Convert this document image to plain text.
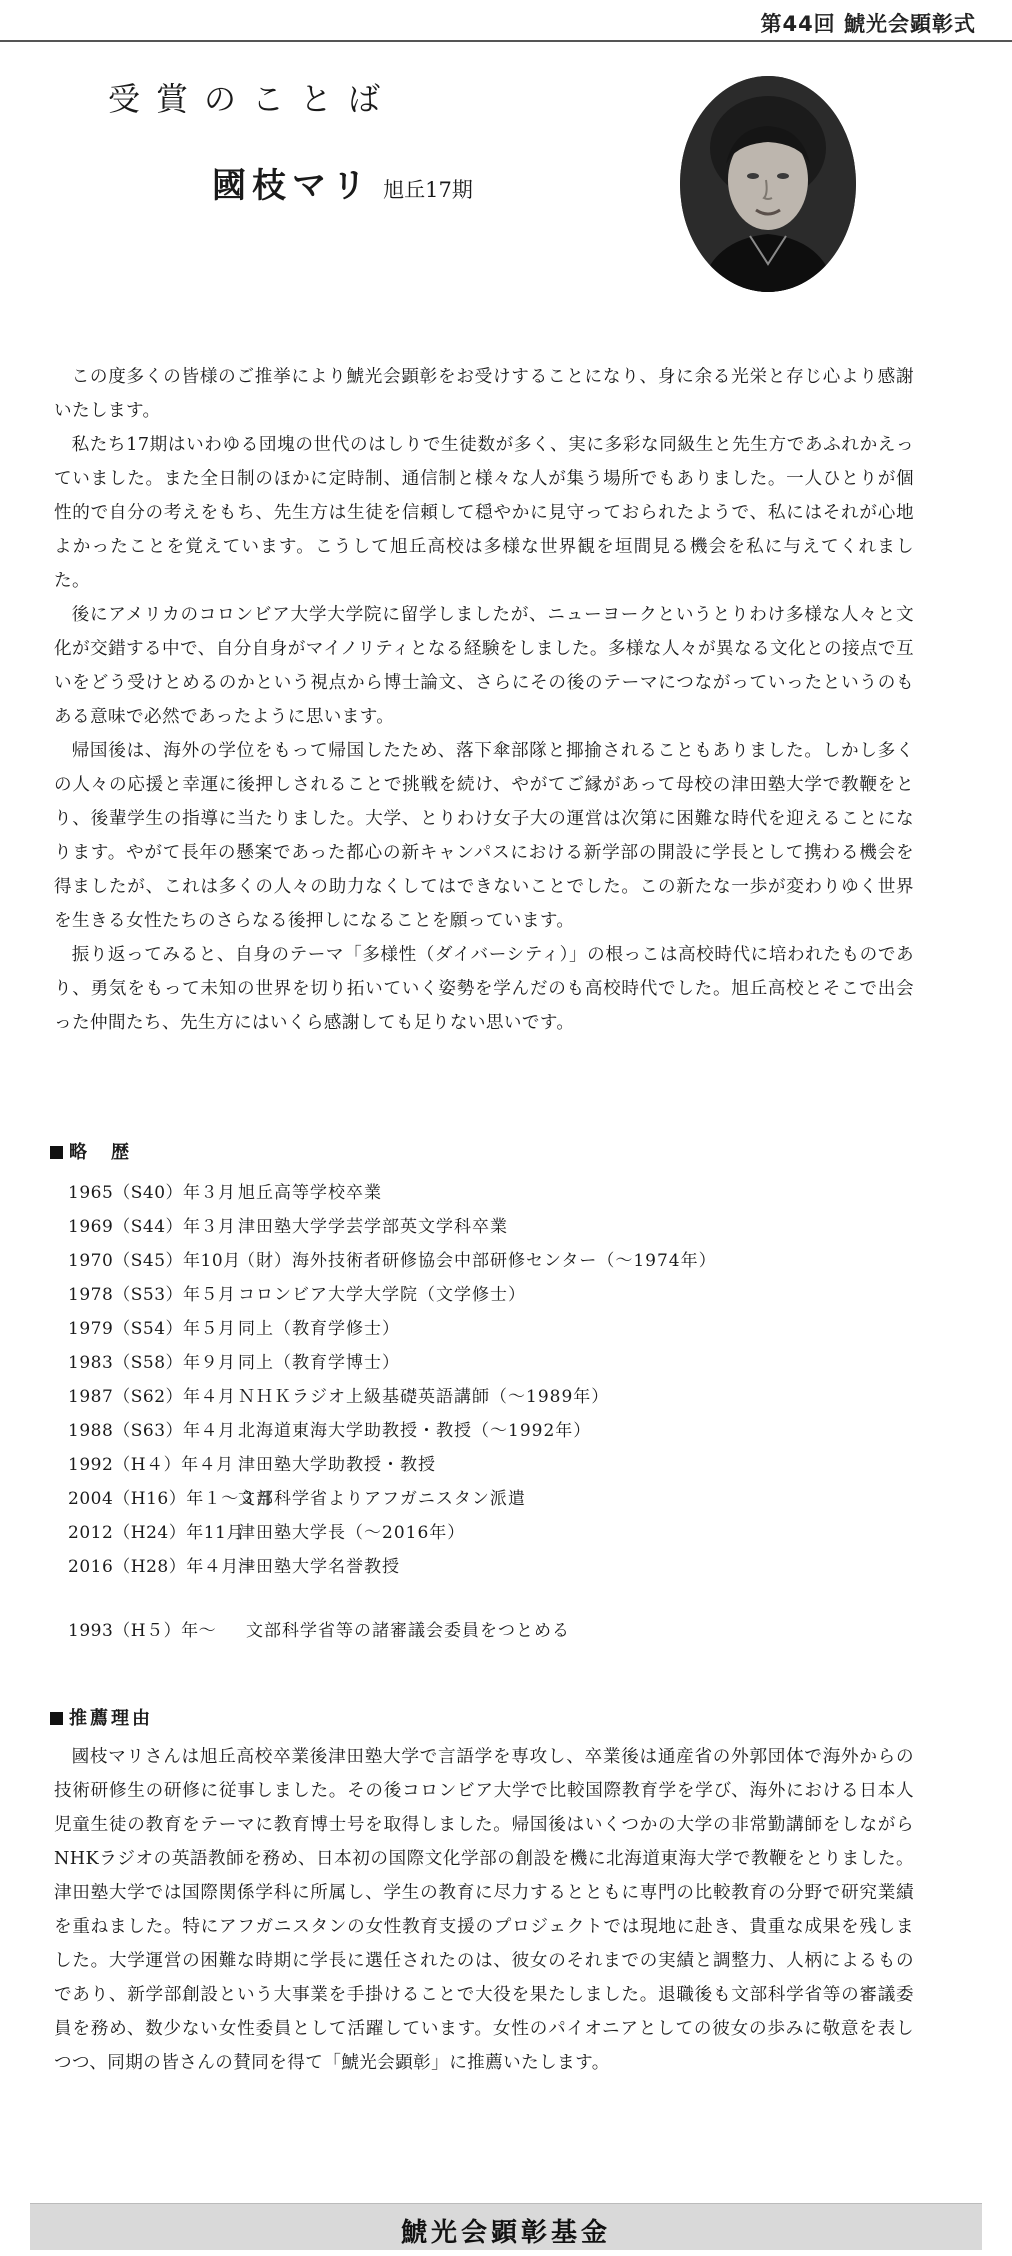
第44回 鯱光会顕彰式
受賞のことば
國枝マリ 旭丘17期

この度多くの皆様のご推挙により鯱光会顕彰をお受けすることになり、身に余る光栄と存じ心より感謝いたします。

私たち17期はいわゆる団塊の世代のはしりで生徒数が多く、実に多彩な同級生と先生方であふれかえっていました。また全日制のほかに定時制、通信制と様々な人が集う場所でもありました。一人ひとりが個性的で自分の考えをもち、先生方は生徒を信頼して穏やかに見守っておられたようで、私にはそれが心地よかったことを覚えています。こうして旭丘高校は多様な世界観を垣間見る機会を私に与えてくれました。

後にアメリカのコロンビア大学大学院に留学しましたが、ニューヨークというとりわけ多様な人々と文化が交錯する中で、自分自身がマイノリティとなる経験をしました。多様な人々が異なる文化との接点で互いをどう受けとめるのかという視点から博士論文、さらにその後のテーマにつながっていったというのもある意味で必然であったように思います。

帰国後は、海外の学位をもって帰国したため、落下傘部隊と揶揄されることもありました。しかし多くの人々の応援と幸運に後押しされることで挑戦を続け、やがてご縁があって母校の津田塾大学で教鞭をとり、後輩学生の指導に当たりました。大学、とりわけ女子大の運営は次第に困難な時代を迎えることになります。やがて長年の懸案であった都心の新キャンパスにおける新学部の開設に学長として携わる機会を得ましたが、これは多くの人々の助力なくしてはできないことでした。この新たな一歩が変わりゆく世界を生きる女性たちのさらなる後押しになることを願っています。

振り返ってみると、自身のテーマ「多様性（ダイバーシティ）」の根っこは高校時代に培われたものであり、勇気をもって未知の世界を切り拓いていく姿勢を学んだのも高校時代でした。旭丘高校とそこで出会った仲間たち、先生方にはいくら感謝しても足りない思いです。

略　歴
1965（S40）年３月 旭丘高等学校卒業
1969（S44）年３月 津田塾大学学芸学部英文学科卒業
1970（S45）年10月（財）海外技術者研修協会中部研修センター（～1974年）
1978（S53）年５月 コロンビア大学大学院（文学修士）
1979（S54）年５月 同上（教育学修士）
1983（S58）年９月 同上（教育学博士）
1987（S62）年４月 ＮＨＫラジオ上級基礎英語講師（～1989年）
1988（S63）年４月 北海道東海大学助教授・教授（～1992年）
1992（H４）年４月 津田塾大学助教授・教授
2004（H16）年１～３月文部科学省よりアフガニスタン派遣
2012（H24）年11月津田塾大学長（～2016年）
2016（H28）年４月～津田塾大学名誉教授
1993（H５）年～ 文部科学省等の諸審議会委員をつとめる
推薦理由

國枝マリさんは旭丘高校卒業後津田塾大学で言語学を専攻し、卒業後は通産省の外郭団体で海外からの技術研修生の研修に従事しました。その後コロンビア大学で比較国際教育学を学び、海外における日本人児童生徒の教育をテーマに教育博士号を取得しました。帰国後はいくつかの大学の非常勤講師をしながらNHKラジオの英語教師を務め、日本初の国際文化学部の創設を機に北海道東海大学で教鞭をとりました。津田塾大学では国際関係学科に所属し、学生の教育に尽力するとともに専門の比較教育の分野で研究業績を重ねました。特にアフガニスタンの女性教育支援のプロジェクトでは現地に赴き、貴重な成果を残しました。大学運営の困難な時期に学長に選任されたのは、彼女のそれまでの実績と調整力、人柄によるものであり、新学部創設という大事業を手掛けることで大役を果たしました。退職後も文部科学省等の審議委員を務め、数少ない女性委員として活躍しています。女性のパイオニアとしての彼女の歩みに敬意を表しつつ、同期の皆さんの賛同を得て「鯱光会顕彰」に推薦いたします。

鯱光会顕彰基金
